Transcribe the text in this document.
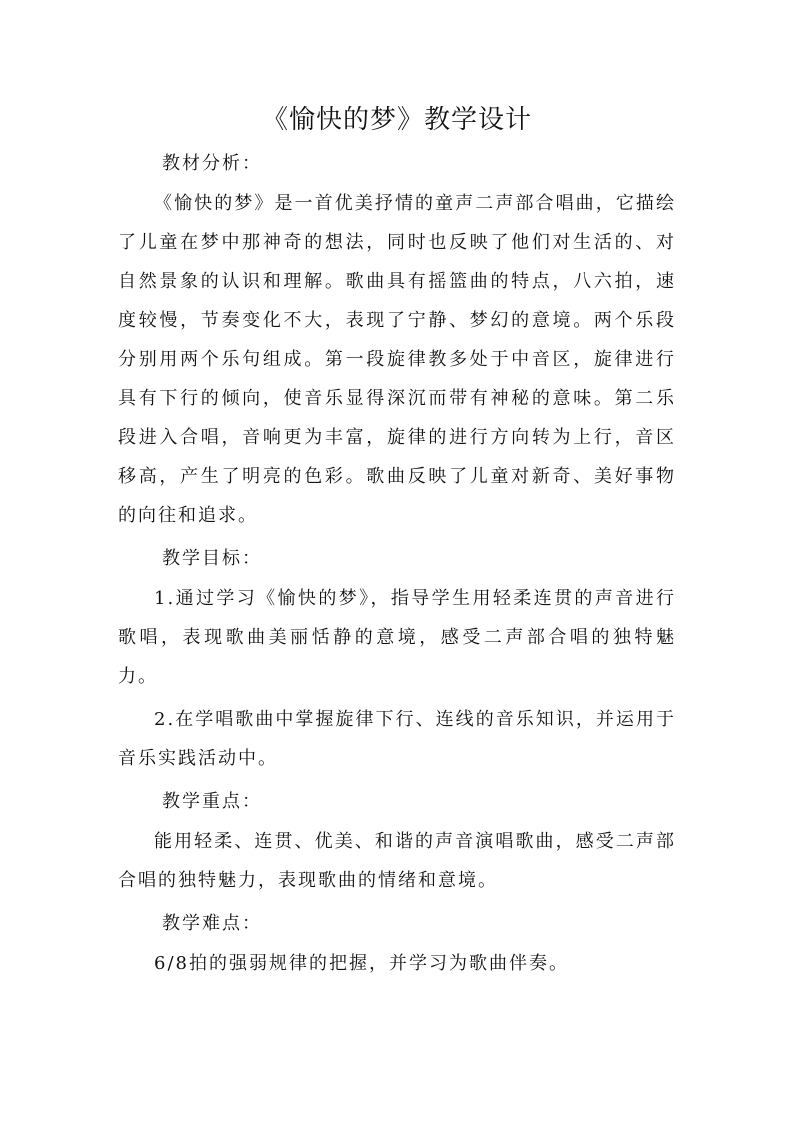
《愉快的梦》教学设计

教材分析：

《愉快的梦》是一首优美抒情的童声二声部合唱曲，它描绘了儿童在梦中那神奇的想法，同时也反映了他们对生活的、对自然景象的认识和理解。歌曲具有摇篮曲的特点，八六拍，速度较慢，节奏变化不大，表现了宁静、梦幻的意境。两个乐段分别用两个乐句组成。第一段旋律教多处于中音区，旋律进行具有下行的倾向，使音乐显得深沉而带有神秘的意味。第二乐段进入合唱，音响更为丰富，旋律的进行方向转为上行，音区移高，产生了明亮的色彩。歌曲反映了儿童对新奇、美好事物的向往和追求。

教学目标：

1.通过学习《愉快的梦》，指导学生用轻柔连贯的声音进行歌唱，表现歌曲美丽恬静的意境，感受二声部合唱的独特魅力。

2.在学唱歌曲中掌握旋律下行、连线的音乐知识，并运用于音乐实践活动中。

教学重点：

能用轻柔、连贯、优美、和谐的声音演唱歌曲，感受二声部合唱的独特魅力，表现歌曲的情绪和意境。

教学难点：

6/8拍的强弱规律的把握，并学习为歌曲伴奏。
